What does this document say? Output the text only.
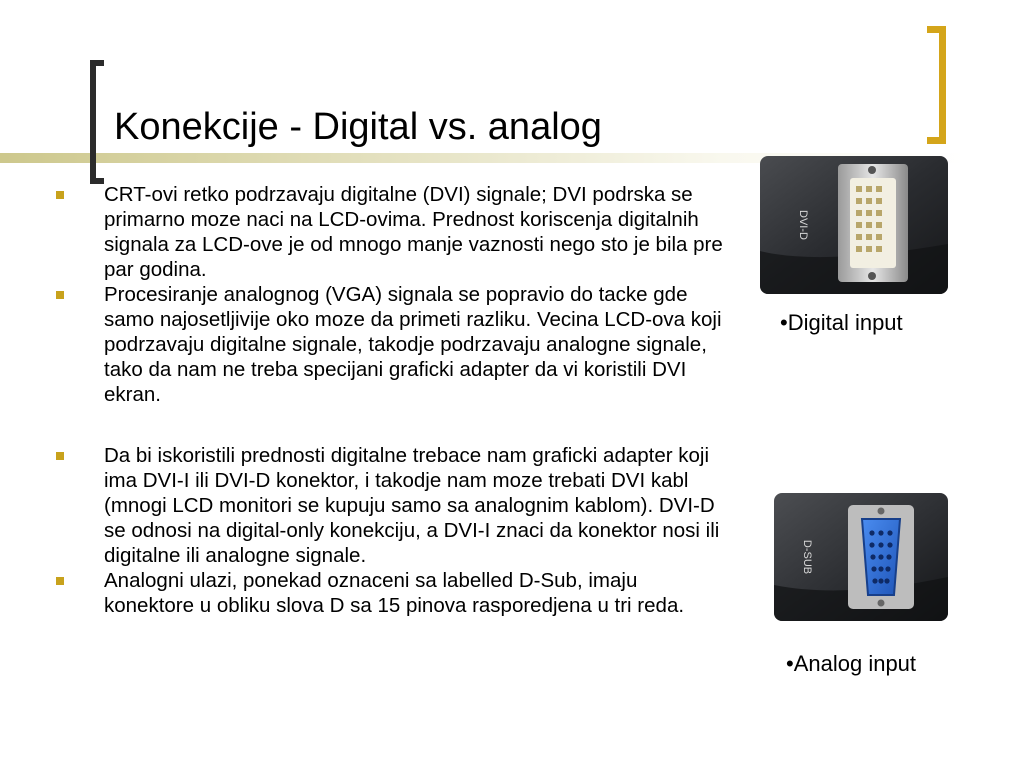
Konekcije - Digital vs. analog
CRT-ovi retko podrzavaju digitalne (DVI) signale; DVI podrska se primarno moze naci na LCD-ovima. Prednost koriscenja digitalnih signala za LCD-ove je od mnogo manje vaznosti nego sto je bila pre par godina.
Procesiranje analognog (VGA) signala se popravio do tacke gde samo najosetljivije oko moze da primeti razliku. Vecina LCD-ova koji podrzavaju digitalne signale, takodje podrzavaju analogne signale, tako da nam ne treba specijani graficki adapter da vi koristili DVI ekran.
Da bi iskoristili prednosti digitalne trebace nam graficki adapter koji ima DVI-I ili DVI-D konektor, i takodje nam moze trebati DVI kabl (mnogi LCD monitori se kupuju samo sa analognim kablom). DVI-D se odnosi na digital-only konekciju, a DVI-I znaci da konektor nosi ili digitalne ili analogne signale.
Analogni ulazi, ponekad oznaceni sa labelled D-Sub, imaju konektore u obliku slova D sa 15 pinova rasporedjena u tri reda.
DVI-D
•Digital input
D-SUB
•Analog input
